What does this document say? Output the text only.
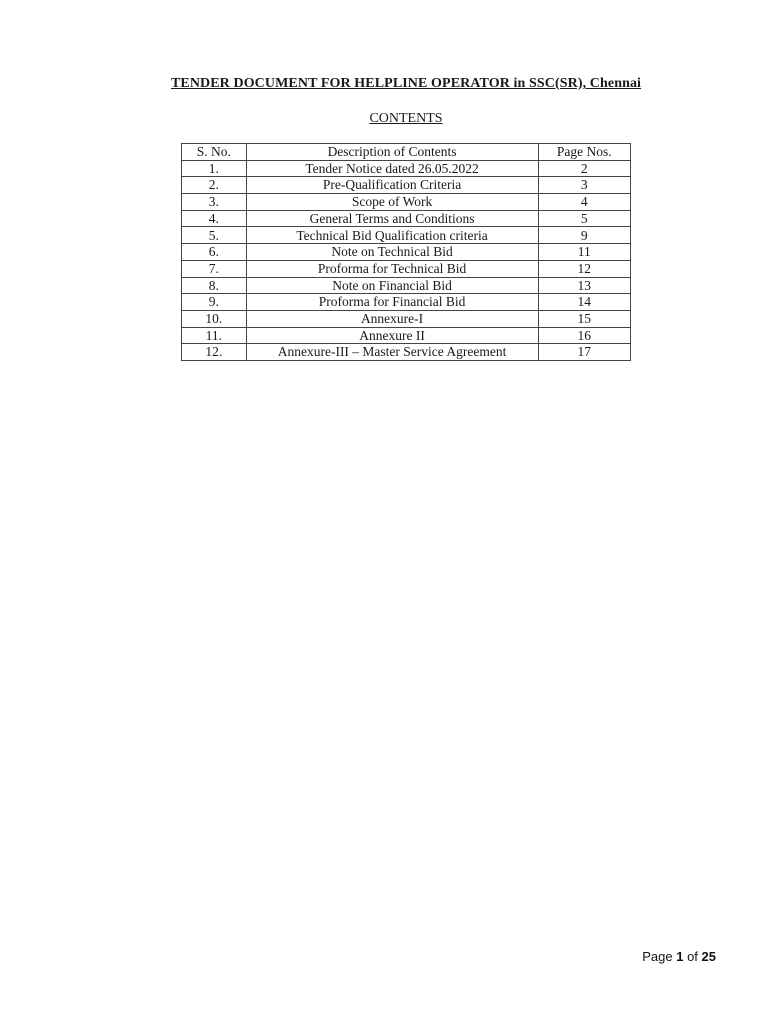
TENDER DOCUMENT FOR HELPLINE OPERATOR in SSC(SR), Chennai
CONTENTS
S. No.	Description of Contents	Page Nos.
1.	Tender Notice dated 26.05.2022	2
2.	Pre-Qualification Criteria	3
3.	Scope of Work	4
4.	General Terms and Conditions	5
5.	Technical Bid Qualification criteria	9
6.	Note on Technical Bid	11
7.	Proforma for Technical Bid	12
8.	Note on Financial Bid	13
9.	Proforma for Financial Bid	14
10.	Annexure-I	15
11.	Annexure II	16
12.	Annexure-III – Master Service Agreement	17
Page 1 of 25
